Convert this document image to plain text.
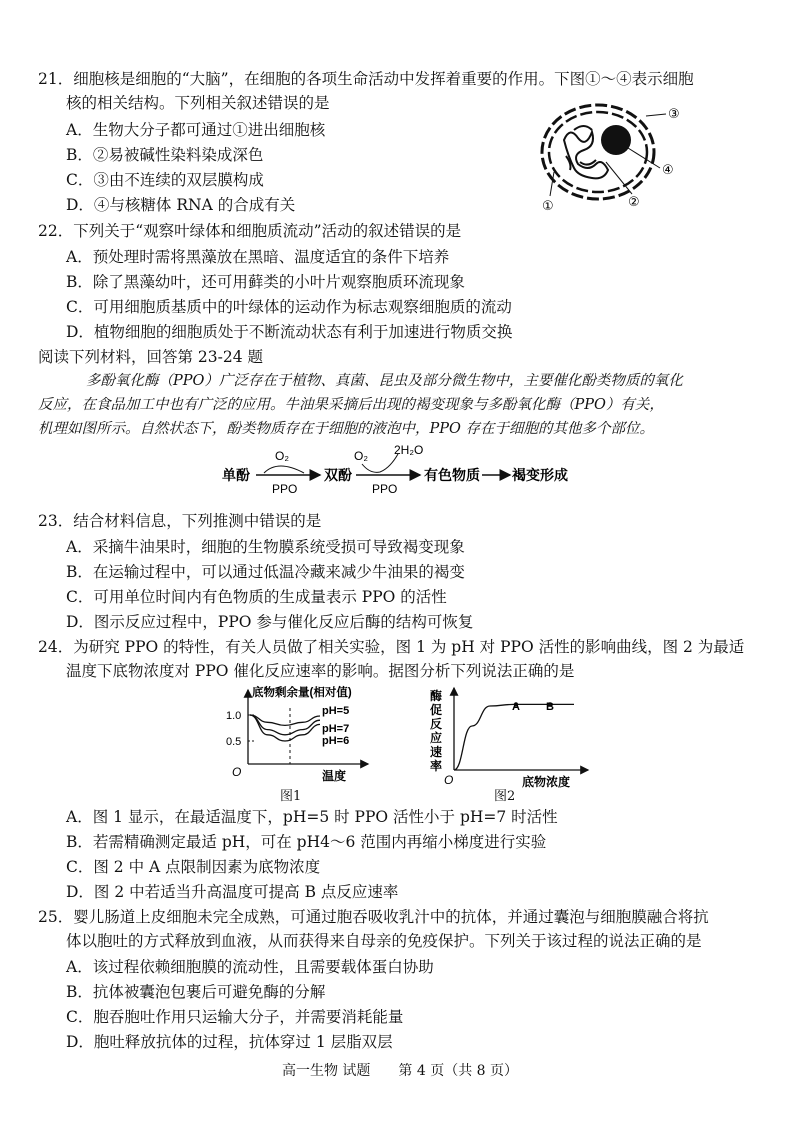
21．细胞核是细胞的“大脑”，在细胞的各项生命活动中发挥着重要的作用。下图①～④表示细胞
核的相关结构。下列相关叙述错误的是
A．生物大分子都可通过①进出细胞核
B．②易被碱性染料染成深色
C．③由不连续的双层膜构成
D．④与核糖体 RNA 的合成有关
③
④
①	②
22．下列关于“观察叶绿体和细胞质流动”活动的叙述错误的是
A．预处理时需将黑藻放在黑暗、温度适宜的条件下培养
B．除了黑藻幼叶，还可用藓类的小叶片观察胞质环流现象
C．可用细胞质基质中的叶绿体的运动作为标志观察细胞质的流动
D．植物细胞的细胞质处于不断流动状态有利于加速进行物质交换
阅读下列材料，回答第 23-24 题
多酚氧化酶（PPO）广泛存在于植物、真菌、昆虫及部分微生物中，主要催化酚类物质的氧化
反应，在食品加工中也有广泛的应用。牛油果采摘后出现的褐变现象与多酚氧化酶（PPO）有关，
机理如图所示。自然状态下，酚类物质存在于细胞的液泡中，PPO 存在于细胞的其他多个部位。
单酚
O₂
PPO
双酚
O₂ 2H₂O
PPO
有色物质 褐变形成
23．结合材料信息，下列推测中错误的是
A．采摘牛油果时，细胞的生物膜系统受损可导致褐变现象
B．在运输过程中，可以通过低温冷藏来减少牛油果的褐变
C．可用单位时间内有色物质的生成量表示 PPO 的活性
D．图示反应过程中，PPO 参与催化反应后酶的结构可恢复
24．为研究 PPO 的特性，有关人员做了相关实验，图 1 为 pH 对 PPO 活性的影响曲线，图 2 为最适
温度下底物浓度对 PPO 催化反应速率的影响。据图分析下列说法正确的是
底物剩余量(相对值)
1.0
0.5
pH=5
pH=7
pH=6
O	温度
图1
酶
促
反
应
速
率
A B
O	底物浓度
图2
A．图 1 显示，在最适温度下，pH=5 时 PPO 活性小于 pH=7 时活性
B．若需精确测定最适 pH，可在 pH4～6 范围内再缩小梯度进行实验
C．图 2 中 A 点限制因素为底物浓度
D．图 2 中若适当升高温度可提高 B 点反应速率
25．婴儿肠道上皮细胞未完全成熟，可通过胞吞吸收乳汁中的抗体，并通过囊泡与细胞膜融合将抗
体以胞吐的方式释放到血液，从而获得来自母亲的免疫保护。下列关于该过程的说法正确的是
A．该过程依赖细胞膜的流动性，且需要载体蛋白协助
B．抗体被囊泡包裹后可避免酶的分解
C．胞吞胞吐作用只运输大分子，并需要消耗能量
D．胞吐释放抗体的过程，抗体穿过 1 层脂双层
高一生物 试题　　第 4 页（共 8 页）
